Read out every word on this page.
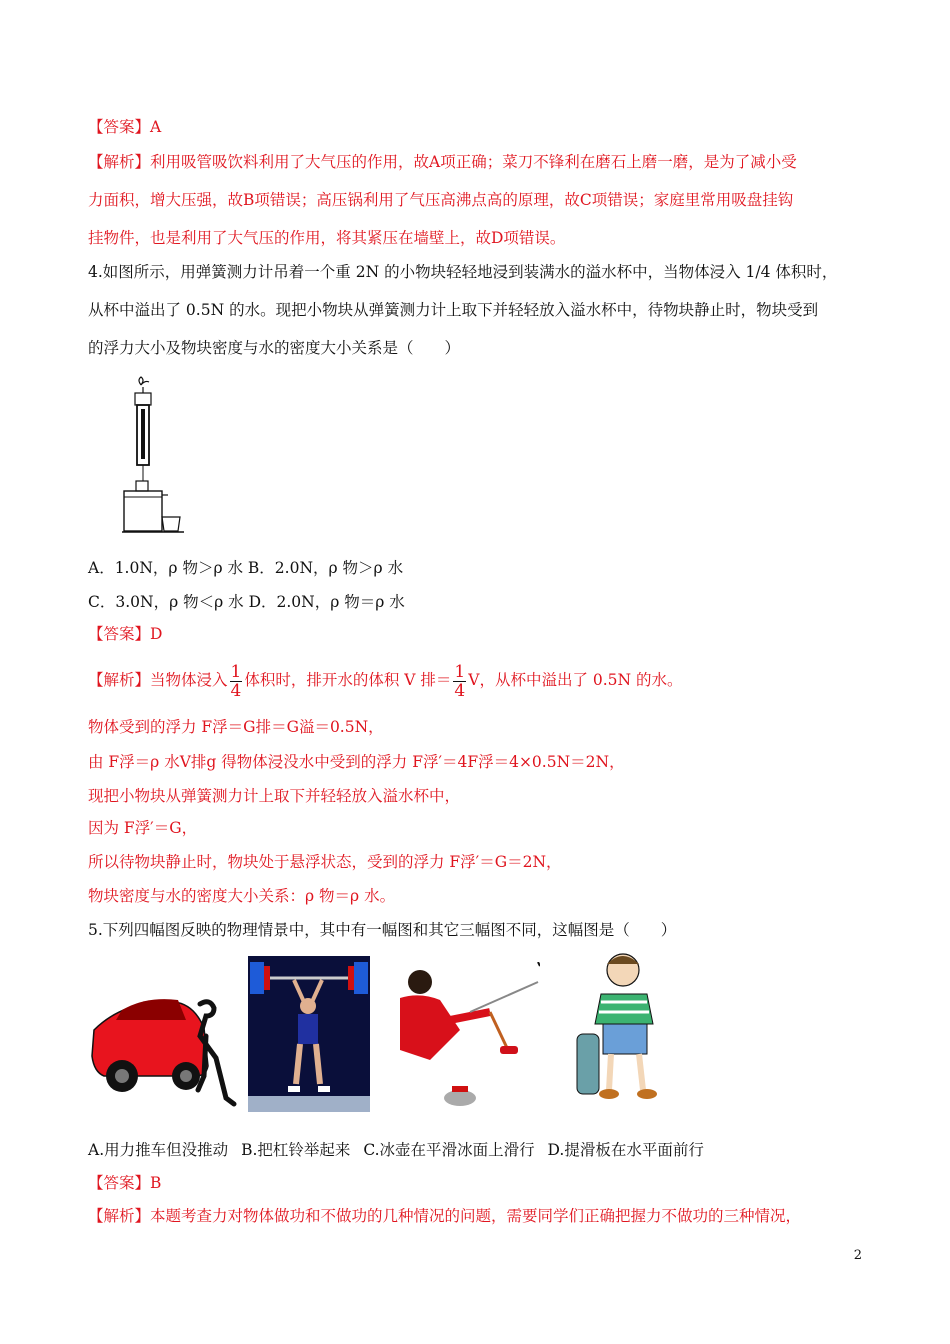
【答案】A
【解析】利用吸管吸饮料利用了大气压的作用，故A项正确；菜刀不锋利在磨石上磨一磨，是为了减小受
力面积，增大压强，故B项错误；高压锅利用了气压高沸点高的原理，故C项错误；家庭里常用吸盘挂钩
挂物件，也是利用了大气压的作用，将其紧压在墙壁上，故D项错误。
4.如图所示，用弹簧测力计吊着一个重 2N 的小物块轻轻地浸到装满水的溢水杯中，当物体浸入 1/4 体积时，
从杯中溢出了 0.5N 的水。现把小物块从弹簧测力计上取下并轻轻放入溢水杯中，待物块静止时，物块受到
的浮力大小及物块密度与水的密度大小关系是（　　）
A．1.0N，ρ 物＞ρ 水 B．2.0N，ρ 物＞ρ 水
C．3.0N，ρ 物＜ρ 水 D．2.0N，ρ 物＝ρ 水
【答案】D
【解析】当物体浸入 $\frac{1}{4}$ 体积时，排开水的体积 V 排＝ $\frac{1}{4}$ V，从杯中溢出了 0.5N 的水。
物体受到的浮力 F浮＝G排＝G溢＝0.5N，
由 F浮＝ρ 水V排g 得物体浸没水中受到的浮力 F浮′＝4F浮＝4×0.5N＝2N，
现把小物块从弹簧测力计上取下并轻轻放入溢水杯中，
因为 F浮′＝G，
所以待物块静止时，物块处于悬浮状态，受到的浮力 F浮′＝G＝2N，
物块密度与水的密度大小关系：ρ 物＝ρ 水。
5.下列四幅图反映的物理情景中，其中有一幅图和其它三幅图不同，这幅图是（　　）
A.用力推车但没推动 B.把杠铃举起来 C.冰壶在平滑冰面上滑行 D.提滑板在水平面前行
【答案】B
【解析】本题考查力对物体做功和不做功的几种情况的问题，需要同学们正确把握力不做功的三种情况，
2
